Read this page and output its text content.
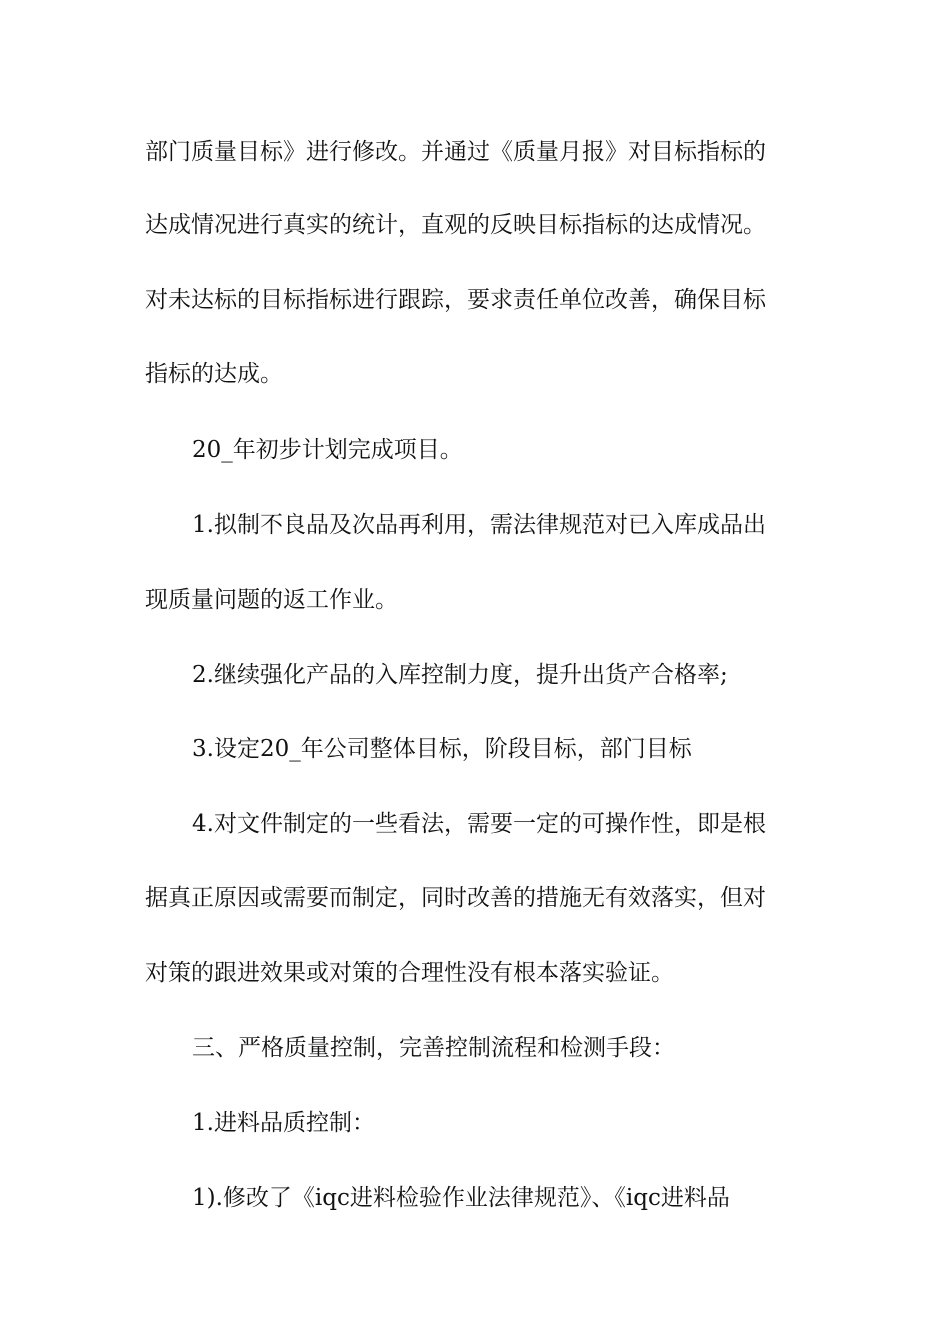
部门质量目标》进行修改。并通过《质量月报》对目标指标的
达成情况进行真实的统计，直观的反映目标指标的达成情况。
对未达标的目标指标进行跟踪，要求责任单位改善，确保目标
指标的达成。
20_年初步计划完成项目。
1.拟制不良品及次品再利用，需法律规范对已入库成品出
现质量问题的返工作业。
2.继续强化产品的入库控制力度，提升出货产合格率;
3.设定20_年公司整体目标，阶段目标，部门目标
4.对文件制定的一些看法，需要一定的可操作性，即是根
据真正原因或需要而制定，同时改善的措施无有效落实，但对
对策的跟进效果或对策的合理性没有根本落实验证。
三、严格质量控制，完善控制流程和检测手段：
1.进料品质控制：
1).修改了《iqc进料检验作业法律规范》、《iqc进料品
